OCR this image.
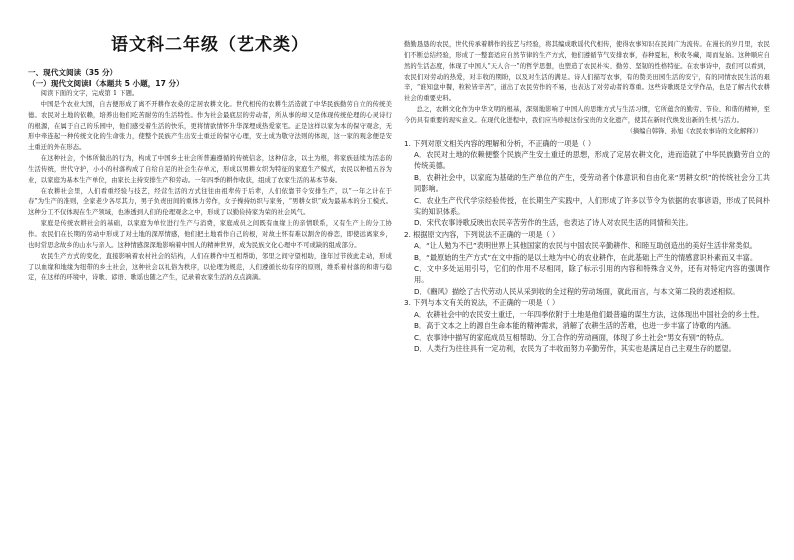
语文科二年级（艺术类）

一、现代文阅读（35 分）

（一）现代文阅读Ⅰ（本题共 5 小题，17 分）

阅读下面的文字，完成第 1 下题。

中国是个农业大国，自古便形成了离不开耕作农桑的定居农耕文化。世代相传的农耕生活造就了中华民族勤劳自立的传统美德。农民对土地的依赖，培养出他们吃苦耐劳的生活特性。作为社会最底层的劳动者，所从事的却又是体现传统伦理的心灵诗行的根源，在属于自己的乐园中，他们感受着生活的快乐，更将情欲情怀升华深埋成热爱家宅。正是这样以家为本的保守观念，无形中牵连起一种传统文化的生命张力，使整个民族产生出安土重迁的保守心理，安土成为敬守法则的体现，这一家的观念便是安土重迁的外在形态。

在这种社会，个体所做出的行为，构成了中国乡土社会所普遍遵循的传统信念，这种信念，以土为根，将家族延续为活态的生活传统，世代守护，小小的村落构成了自给自足的社会生存单元，形成以男耕女织为特征的家庭生产模式，农民以种植五谷为业，以家庭为基本生产单位，由家长主持安排生产和劳动。一年四季的耕作收获，组成了农家生活的基本节奏。

在农耕社会里，人们看重经验与技艺，经营生活的方式往往由祖辈传于后辈，人们依靠节令安排生产，以“一年之计在于春”为生产的准则，全家老少各尽其力，男子负责田间的重体力劳作，女子操持纺织与家务，“男耕女织”成为最基本的分工模式。这种分工不仅体现在生产领域，也渗透到人们的伦理观念之中，形成了以勤俭持家为荣的社会风气。

家庭是传统农耕社会的基础，以家庭为单位进行生产与消费，家庭成员之间既有血缘上的亲情联系，又有生产上的分工协作。农民们在长期的劳动中形成了对土地的深厚情感，他们把土地看作自己的根，对故土怀有难以割舍的眷恋，即使远离家乡，也时常思念故乡的山水与亲人。这种情感深深地影响着中国人的精神世界，成为民族文化心理中不可或缺的组成部分。

农民生产方式的变化，直接影响着农村社会的结构，人们在耕作中互相帮助，邻里之间守望相助，逢年过节彼此走动，形成了以血缘和地缘为纽带的乡土社会，这种社会以礼俗为秩序，以伦理为规范，人们遵循长幼有序的原则，维系着村落的和谐与稳定，在这样的环境中，诗歌、谚语、歌谣也随之产生，记录着农家生活的点点滴滴。

勤勤恳恳的农民，世代传承着耕作的技艺与经验，将其编成歌谣代代相传，使得农事知识在民间广为流传。在漫长的岁月里，农民们不断总结经验，形成了一整套适应自然节律的生产方式，他们遵循节气安排农事，春种夏耘，秋收冬藏，周而复始。这种顺应自然的生活态度，体现了中国人“天人合一”的哲学思想，也塑造了农民朴实、勤劳、坚韧的性格特征。在农事诗中，我们可以看到，农民们对劳动的热爱，对丰收的期盼，以及对生活的满足。诗人们描写农事，有的赞美田园生活的安宁，有的同情农民生活的艰辛，“谁知盘中餐，粒粒皆辛苦”，道出了农民劳作的不易，也表达了对劳动者的尊重。这些诗歌既是文学作品，也是了解古代农耕社会的重要史料。

总之，农耕文化作为中华文明的根基，深刻地影响了中国人的思维方式与生活习惯，它所蕴含的勤劳、节俭、和谐的精神，至今仍具有重要的现实意义。在现代化进程中，我们应当珍视这份宝贵的文化遗产，使其在新时代焕发出新的生机与活力。

（摘编自韩锋、孙旭《农民农事诗的文化解释》）

1. 下列对原文相关内容的理解和分析，不正确的一项是（ ）

A．农民对土地的依赖便整个民族产生安土重迁的思想，形成了定居农耕文化，进而造就了中华民族勤劳自立的传统美德。

B．农耕社会中，以家庭为基础的生产单位的产生，受劳动者个体意识和自由化来“男耕女织”的传统社会分工共同影响。

C．农业生产代代学宗经验传授，在长期生产实践中，人们形成了许多以节令为依据的农事谚语，形成了民间朴实的知识体系。

D．宋代农事诗歌反映出农民辛苦劳作的生活，也表达了诗人对农民生活的同情和关注。

2. 根据原文内容，下列说法不正确的一项是（ ）

A．“让人勉为不已”表明世界上其他国家的农民与中国农民辛勤耕作、和睦互助创造出的美好生活非常类似。

B．“最原始的生产方式”在文中指的是以土地为中心的农业耕作，在此基础上产生的情感意识朴素而又丰富。

C．文中多处运用引号，它们的作用不尽相同，除了标示引用的内容和特殊含义外，还有对特定内容的强调作用。

D．《豳风》描绘了古代劳动人民从采到收的全过程的劳动场面，就此而言，与本文第二段的表述相似。

3. 下列与本文有关的说法，不正确的一项是（ ）

A．农耕社会中的农民安土重迁，一年四季依附于土地是他们最普遍的谋生方法，这体现出中国社会的乡土性。

B．高于文本之上的源自生命本能的精神需求，消解了农耕生活的苦难，也进一步丰富了诗歌的内涵。

C．农事诗中描写的家庭成员互相帮助、分工合作的劳动画面，体现了乡土社会“男女有别”的特点。

D．人类行为往往具有一定功利，农民为了丰收而努力辛勤劳作，其实也是满足自己主观生存的愿望。
